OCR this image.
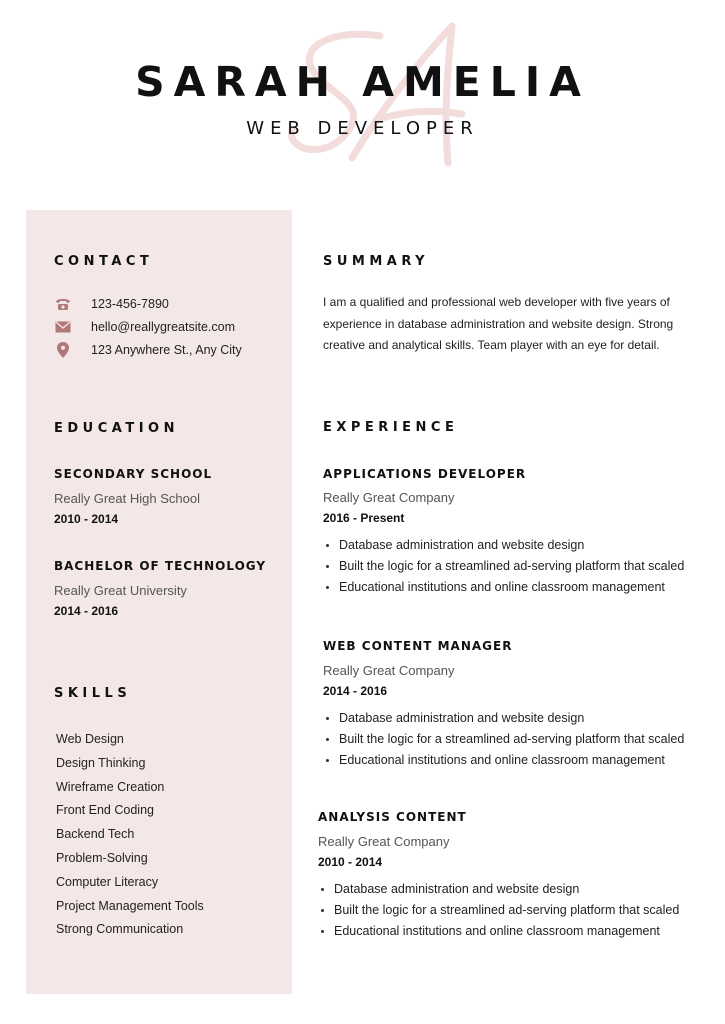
SARAH AMELIA
WEB DEVELOPER
CONTACT
123-456-7890
hello@reallygreatsite.com
123 Anywhere St., Any City
EDUCATION
SECONDARY SCHOOL
Really Great High School
2010 - 2014
BACHELOR OF TECHNOLOGY
Really Great University
2014 - 2016
SKILLS
Web Design
Design Thinking
Wireframe Creation
Front End Coding
Backend Tech
Problem-Solving
Computer Literacy
Project Management Tools
Strong Communication
SUMMARY
I am a qualified and professional web developer with five years of
experience in database administration and website design. Strong
creative and analytical skills. Team player with an eye for detail.
EXPERIENCE
APPLICATIONS DEVELOPER
Really Great Company
2016 - Present
Database administration and website design
Built the logic for a streamlined ad-serving platform that scaled
Educational institutions and online classroom management
WEB CONTENT MANAGER
Really Great Company
2014 - 2016
Database administration and website design
Built the logic for a streamlined ad-serving platform that scaled
Educational institutions and online classroom management
ANALYSIS CONTENT
Really Great Company
2010 - 2014
Database administration and website design
Built the logic for a streamlined ad-serving platform that scaled
Educational institutions and online classroom management
